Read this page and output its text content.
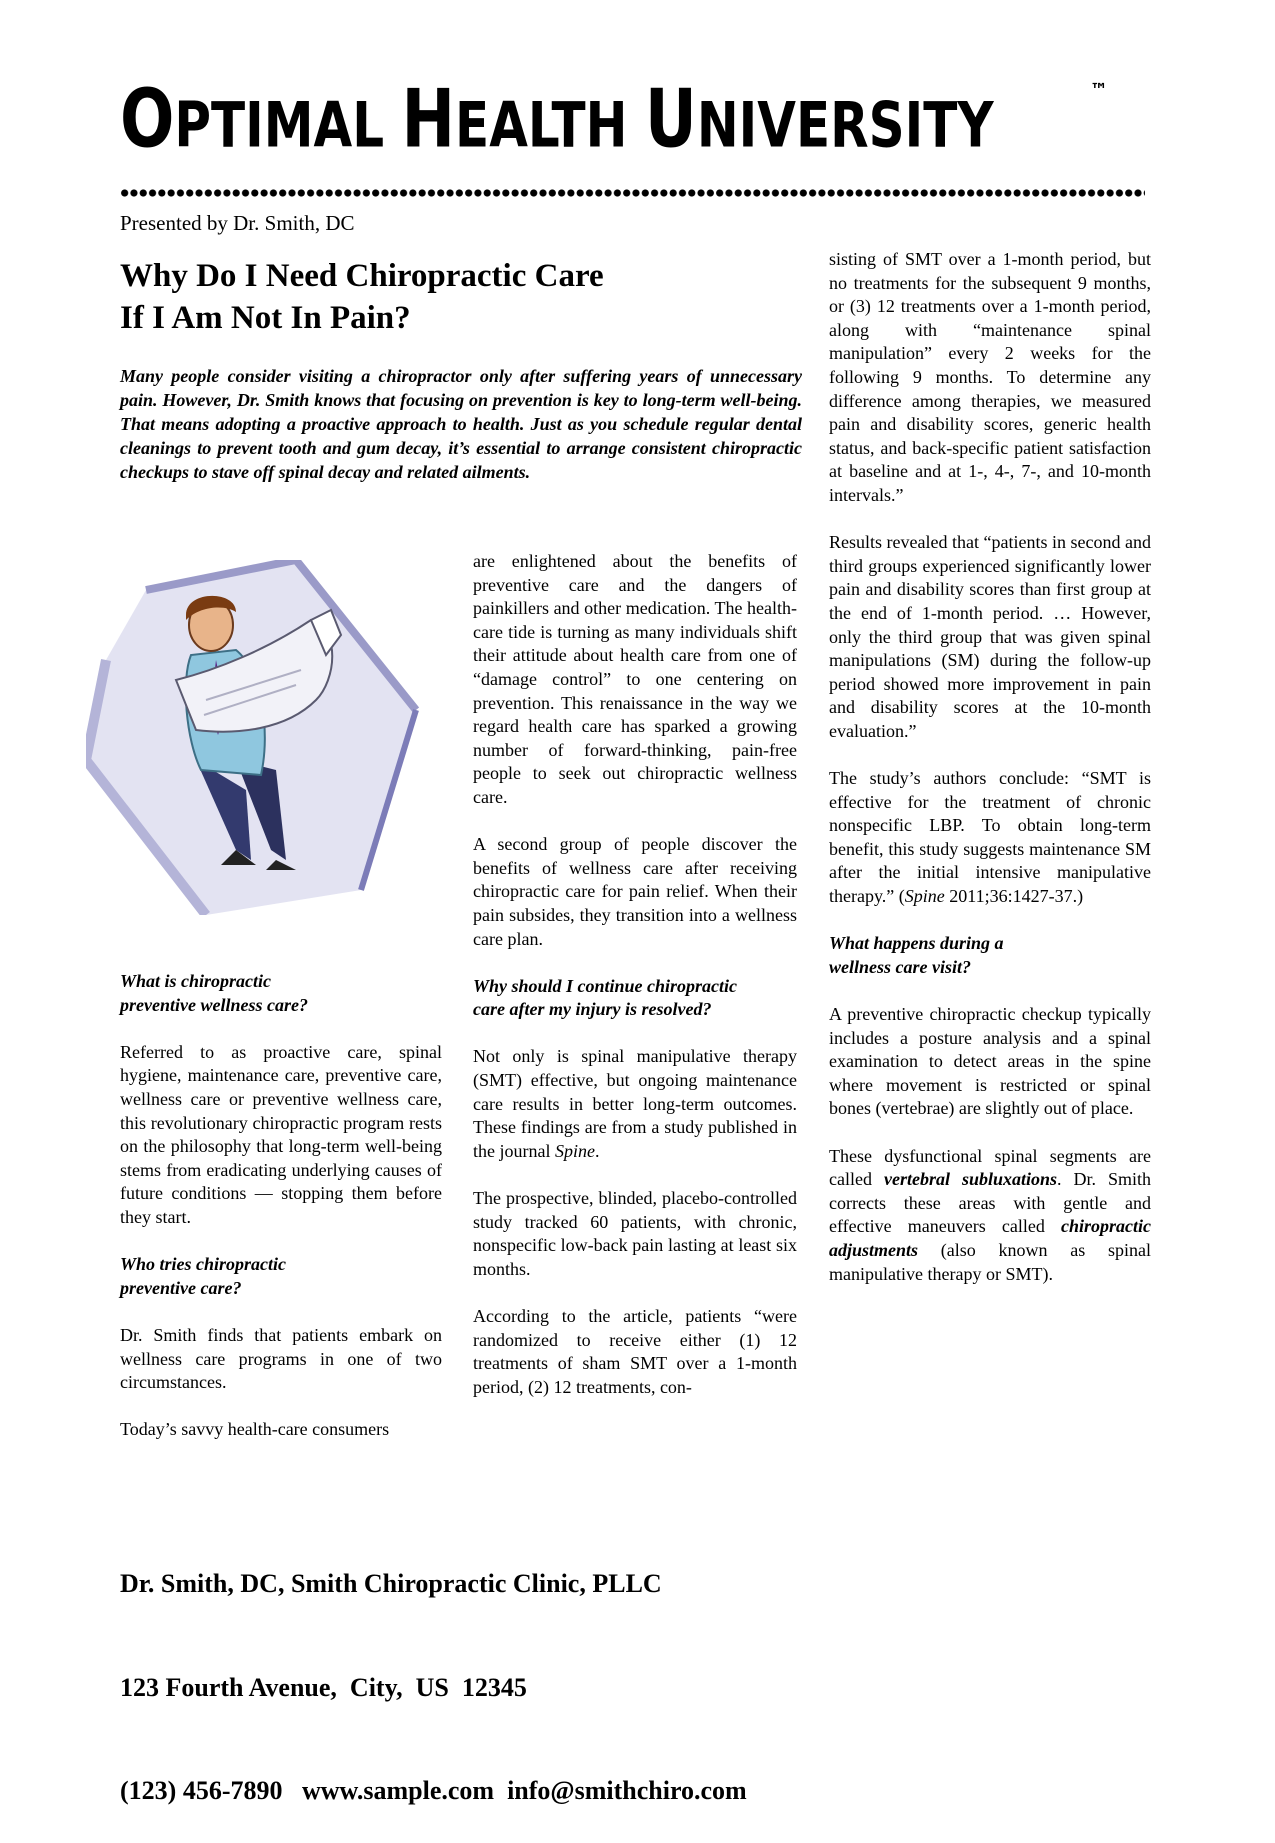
OPTIMAL HEALTH UNIVERSITY	™
Presented by Dr. Smith, DC
Why Do I Need Chiropractic Care
If I Am Not In Pain?
Many people consider visiting a chiropractor only after suffering years of unnecessary pain. However, Dr. Smith knows that focusing on prevention is key to long-term well-being. That means adopting a proactive approach to health. Just as you schedule regular dental cleanings to prevent tooth and gum decay, it’s essential to arrange consistent chiropractic checkups to stave off spinal decay and related ailments.
What is chiropractic
preventive wellness care?

Referred to as proactive care, spinal hygiene, maintenance care, preventive care, wellness care or preventive wellness care, this revolutionary chiropractic program rests on the philosophy that long-term well-being stems from eradicating underlying causes of future conditions — stopping them before they start.

Who tries chiropractic
preventive care?

Dr. Smith finds that patients embark on wellness care programs in one of two circumstances.

Today’s savvy health-care consumers

are enlightened about the benefits of preventive care and the dangers of painkillers and other medication. The health-care tide is turning as many individuals shift their attitude about health care from one of “damage control” to one centering on prevention. This renaissance in the way we regard health care has sparked a growing number of forward-thinking, pain-free people to seek out chiropractic wellness care.

A second group of people discover the benefits of wellness care after receiving chiropractic care for pain relief. When their pain subsides, they transition into a wellness care plan.

Why should I continue chiropractic
care after my injury is resolved?

Not only is spinal manipulative therapy (SMT) effective, but ongoing maintenance care results in better long-term outcomes. These findings are from a study published in the journal Spine.

The prospective, blinded, placebo-controlled study tracked 60 patients, with chronic, nonspecific low-back pain lasting at least six months.

According to the article, patients “were randomized to receive either (1) 12 treatments of sham SMT over a 1-month period, (2) 12 treatments, con-

sisting of SMT over a 1-month period, but no treatments for the subsequent 9 months, or (3) 12 treatments over a 1-month period, along with “maintenance spinal manipulation” every 2 weeks for the following 9 months. To determine any difference among therapies, we measured pain and disability scores, generic health status, and back-specific patient satisfaction at baseline and at 1-, 4-, 7-, and 10-month intervals.”

Results revealed that “patients in second and third groups experienced significantly lower pain and disability scores than first group at the end of 1-month period. … However, only the third group that was given spinal manipulations (SM) during the follow-up period showed more improvement in pain and disability scores at the 10-month evaluation.”

The study’s authors conclude: “SMT is effective for the treatment of chronic nonspecific LBP. To obtain long-term benefit, this study suggests maintenance SM after the initial intensive manipulative therapy.” (Spine 2011;36:1427-37.)

What happens during a
wellness care visit?

A preventive chiropractic checkup typically includes a posture analysis and a spinal examination to detect areas in the spine where movement is restricted or spinal bones (vertebrae) are slightly out of place.

These dysfunctional spinal segments are called vertebral subluxations. Dr. Smith corrects these areas with gentle and effective maneuvers called chiropractic adjustments (also known as spinal manipulative therapy or SMT).

Dr. Smith, DC, Smith Chiropractic Clinic, PLLC

123 Fourth Avenue,  City,  US  12345

(123) 456-7890 www.sample.com info@smithchiro.com
